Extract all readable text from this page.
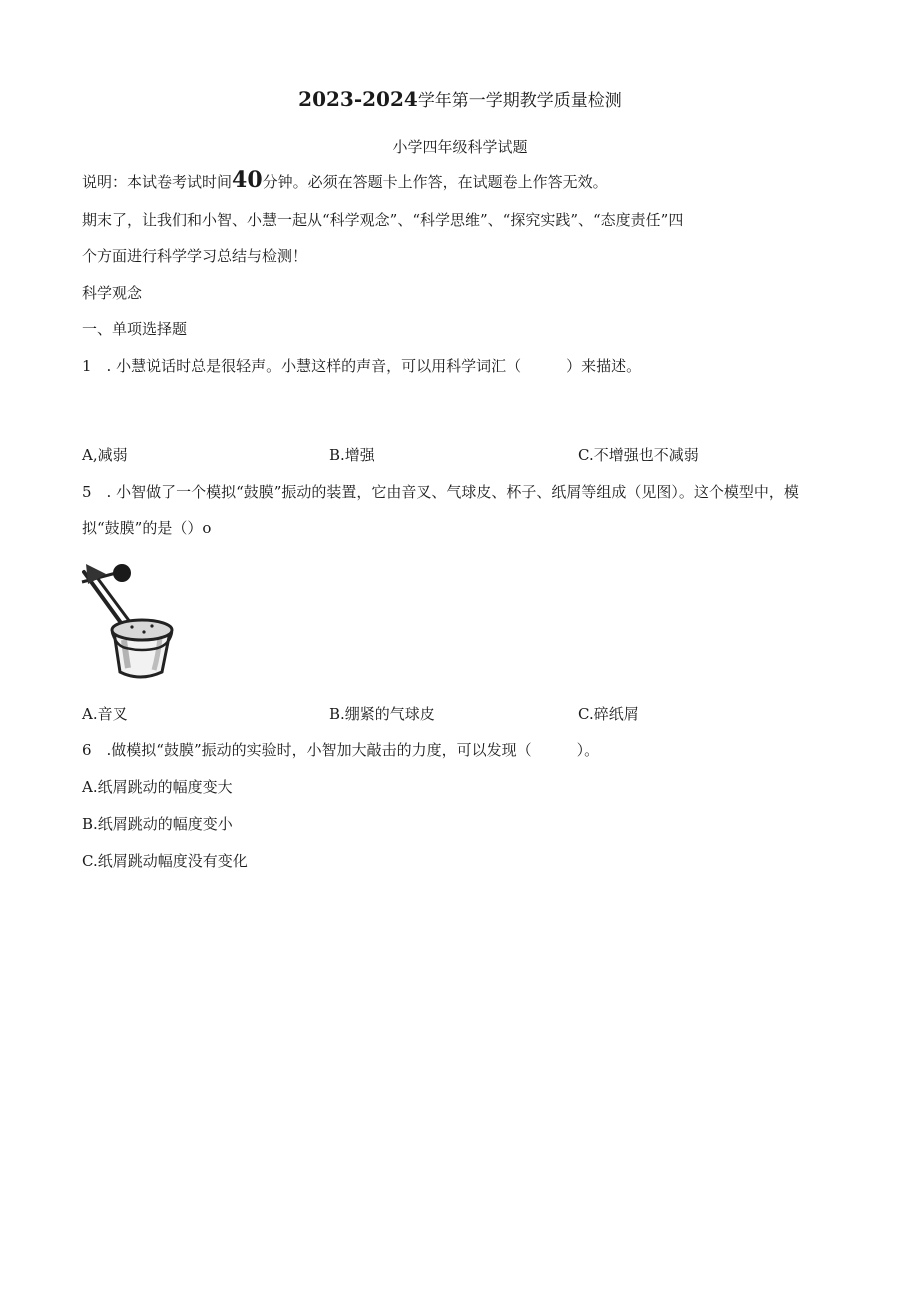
2023-2024学年第一学期教学质量检测
小学四年级科学试题
说明：本试卷考试时间40分钟。必须在答题卡上作答，在试题卷上作答无效。
期末了，让我们和小智、小慧一起从“科学观念”、“科学思维”、“探究实践”、“态度责任”四
个方面进行科学学习总结与检测！
科学观念
一、单项选择题
1　. 小慧说话时总是很轻声。小慧这样的声音，可以用科学词汇（　　　）来描述。
A,减弱	B.增强	C.不增强也不减弱
5　. 小智做了一个模拟“鼓膜”振动的装置，它由音叉、气球皮、杯子、纸屑等组成（见图）。这个模型中，模
拟“鼓膜”的是（）o
A.音叉	B.绷紧的气球皮	C.碎纸屑
6　.做模拟“鼓膜”振动的实验时，小智加大敲击的力度，可以发现（　　　）。
A.纸屑跳动的幅度变大
B.纸屑跳动的幅度变小
C.纸屑跳动幅度没有变化
